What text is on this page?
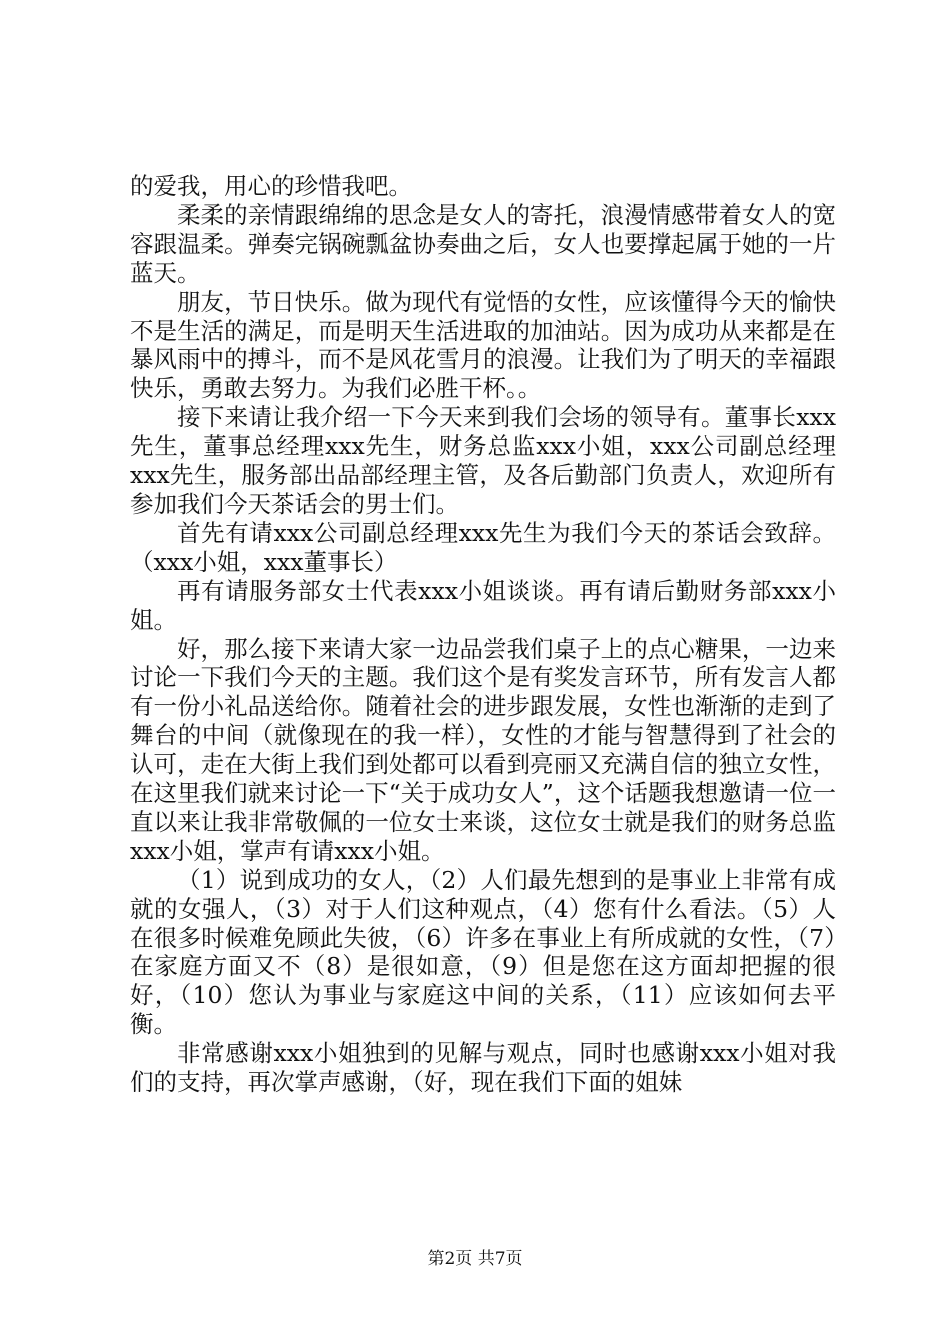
的爱我，用心的珍惜我吧。

柔柔的亲情跟绵绵的思念是女人的寄托，浪漫情感带着女人的宽容跟温柔。弹奏完锅碗瓢盆协奏曲之后，女人也要撑起属于她的一片蓝天。

朋友，节日快乐。做为现代有觉悟的女性，应该懂得今天的愉快不是生活的满足，而是明天生活进取的加油站。因为成功从来都是在暴风雨中的搏斗，而不是风花雪月的浪漫。让我们为了明天的幸福跟快乐，勇敢去努力。为我们必胜干杯。。

接下来请让我介绍一下今天来到我们会场的领导有。董事长xxx先生，董事总经理xxx先生，财务总监xxx小姐，xxx公司副总经理xxx先生，服务部出品部经理主管，及各后勤部门负责人，欢迎所有参加我们今天茶话会的男士们。

首先有请xxx公司副总经理xxx先生为我们今天的茶话会致辞。（xxx小姐，xxx董事长）

再有请服务部女士代表xxx小姐谈谈。再有请后勤财务部xxx小姐。

好，那么接下来请大家一边品尝我们桌子上的点心糖果，一边来讨论一下我们今天的主题。我们这个是有奖发言环节，所有发言人都有一份小礼品送给你。随着社会的进步跟发展，女性也渐渐的走到了舞台的中间（就像现在的我一样），女性的才能与智慧得到了社会的认可，走在大街上我们到处都可以看到亮丽又充满自信的独立女性，在这里我们就来讨论一下“关于成功女人”，这个话题我想邀请一位一直以来让我非常敬佩的一位女士来谈，这位女士就是我们的财务总监xxx小姐，掌声有请xxx小姐。

（1）说到成功的女人，（2）人们最先想到的是事业上非常有成就的女强人，（3）对于人们这种观点，（4）您有什么看法。（5）人在很多时候难免顾此失彼，（6）许多在事业上有所成就的女性，（7）在家庭方面又不（8）是很如意，（9）但是您在这方面却把握的很好，（10）您认为事业与家庭这中间的关系，（11）应该如何去平衡。

非常感谢xxx小姐独到的见解与观点，同时也感谢xxx小姐对我们的支持，再次掌声感谢，（好，现在我们下面的姐妹

第2页 共7页
